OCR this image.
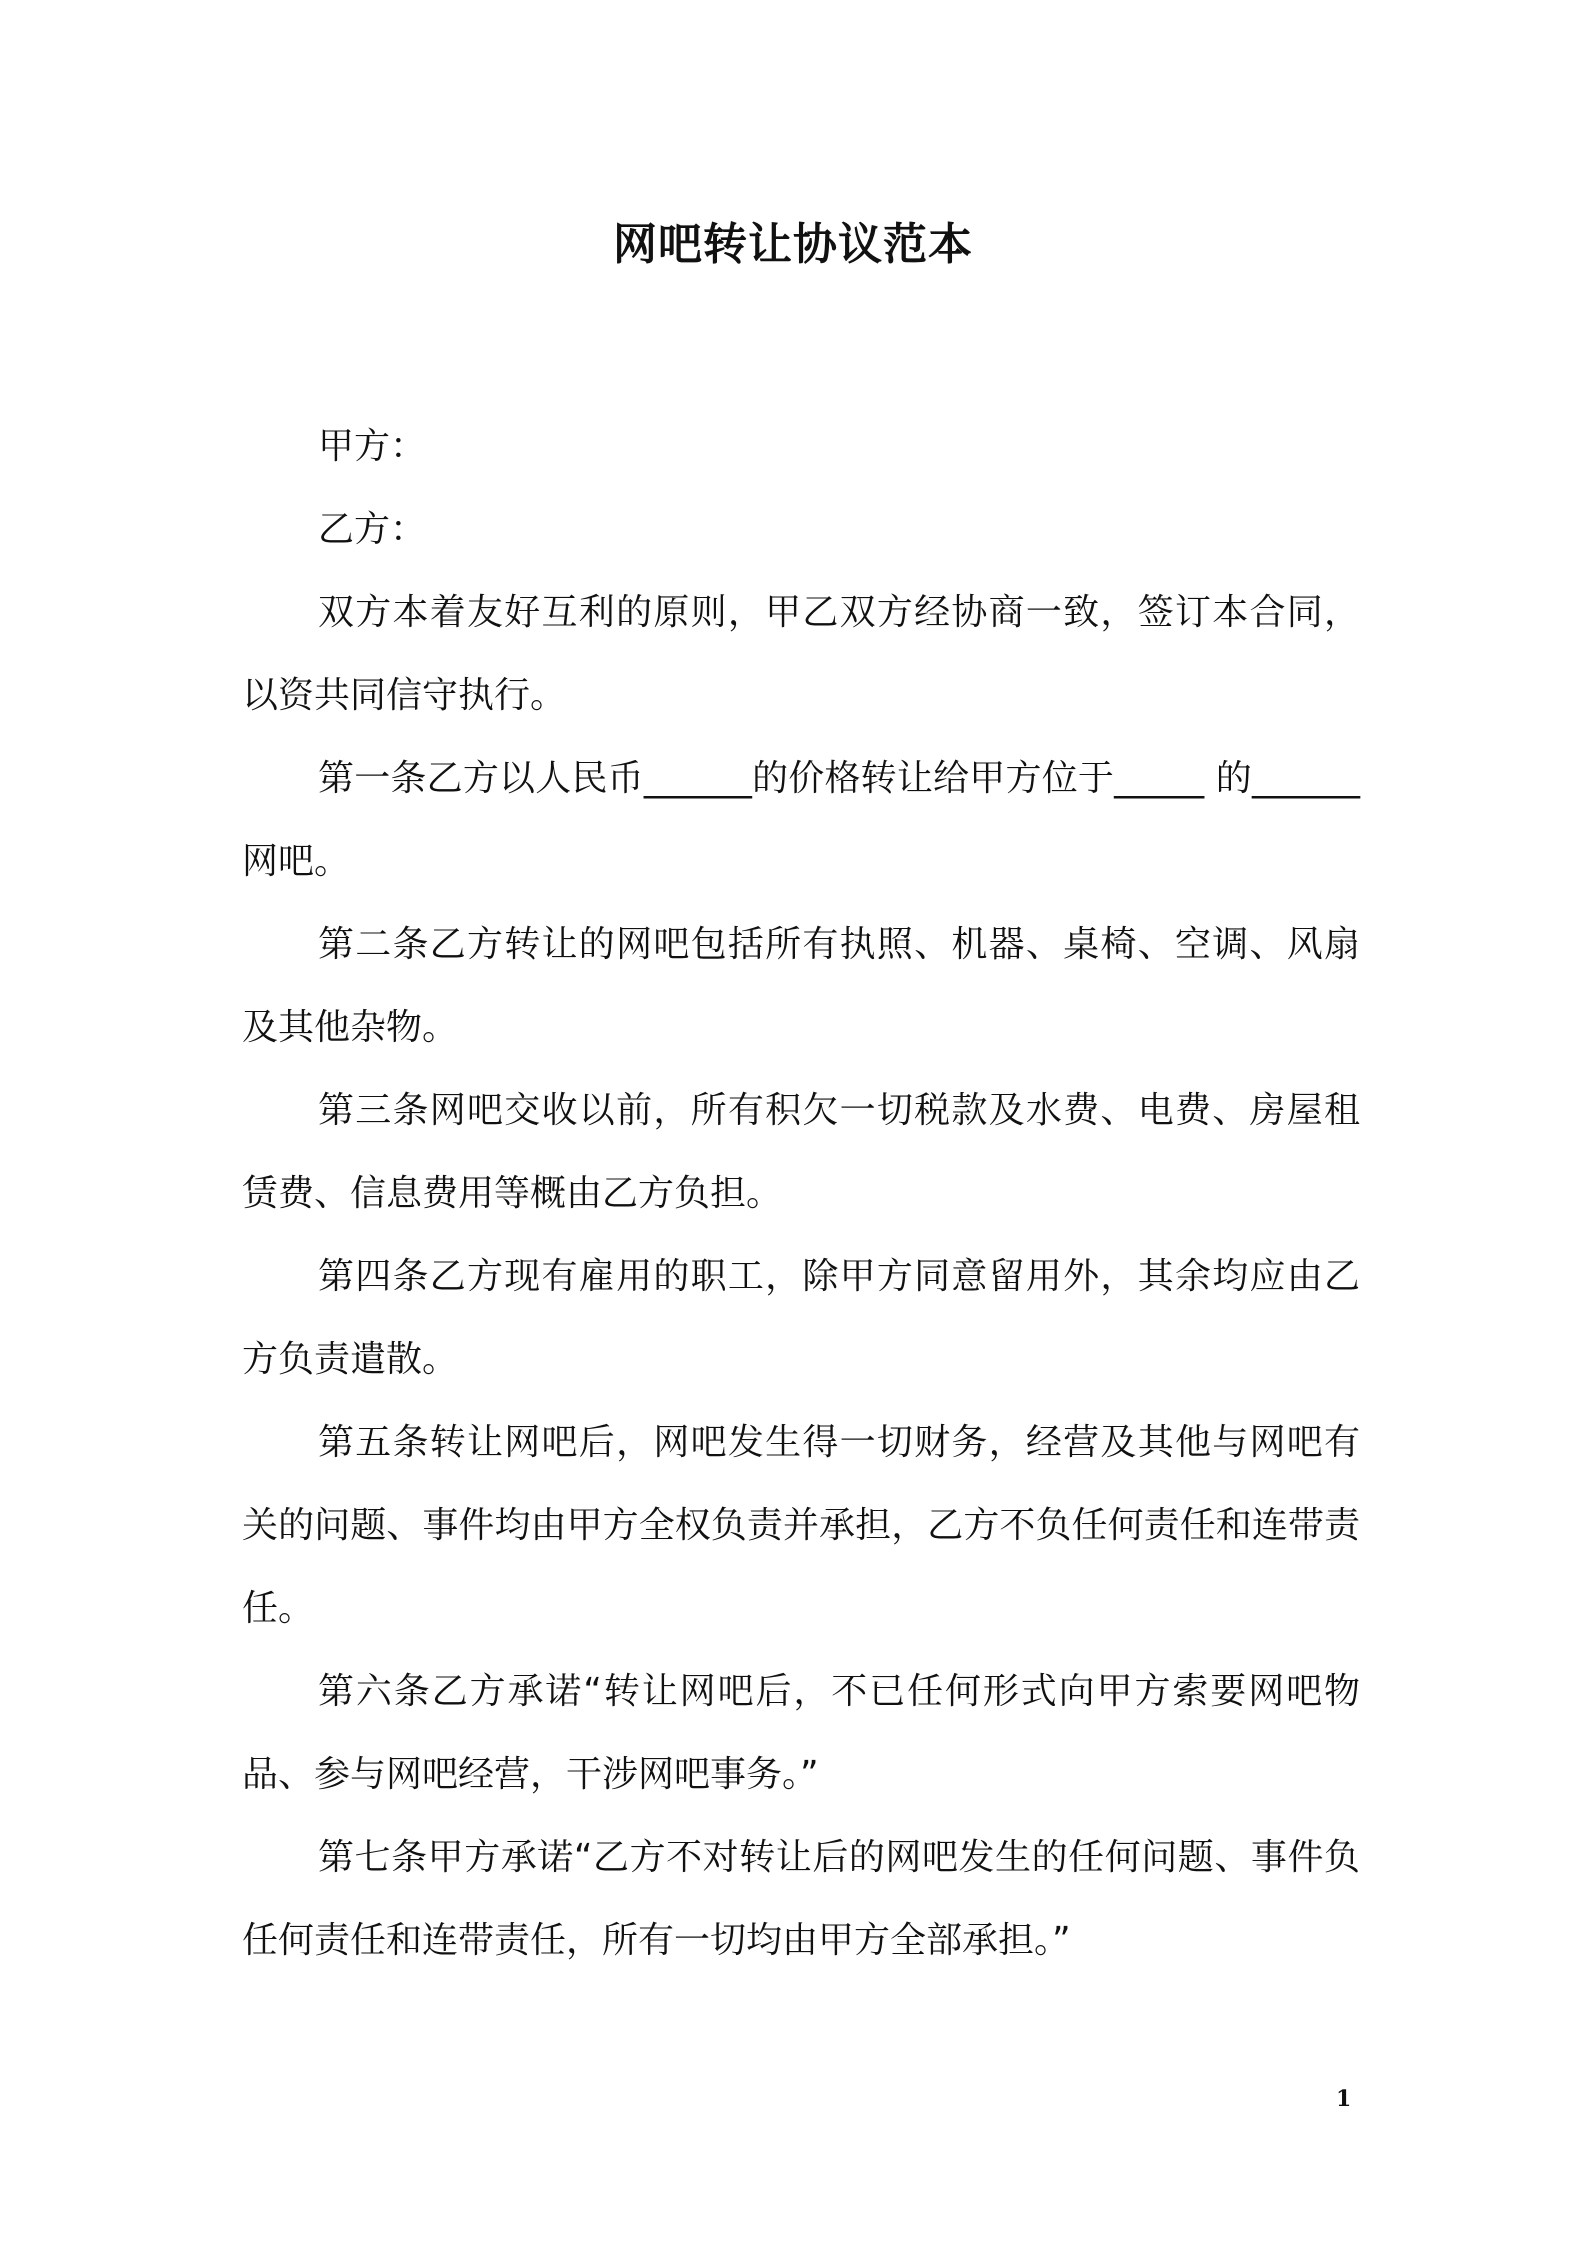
网吧转让协议范本

甲方：

乙方：

双方本着友好互利的原则，甲乙双方经协商一致，签订本合同，以资共同信守执行。

第一条乙方以人民币______的价格转让给甲方位于_____ 的______网吧。

第二条乙方转让的网吧包括所有执照、机器、桌椅、空调、风扇及其他杂物。

第三条网吧交收以前，所有积欠一切税款及水费、电费、房屋租赁费、信息费用等概由乙方负担。

第四条乙方现有雇用的职工，除甲方同意留用外，其余均应由乙方负责遣散。

第五条转让网吧后，网吧发生得一切财务，经营及其他与网吧有关的问题、事件均由甲方全权负责并承担，乙方不负任何责任和连带责任。

第六条乙方承诺“转让网吧后，不已任何形式向甲方索要网吧物品、参与网吧经营，干涉网吧事务。”

第七条甲方承诺“乙方不对转让后的网吧发生的任何问题、事件负任何责任和连带责任，所有一切均由甲方全部承担。”

1
